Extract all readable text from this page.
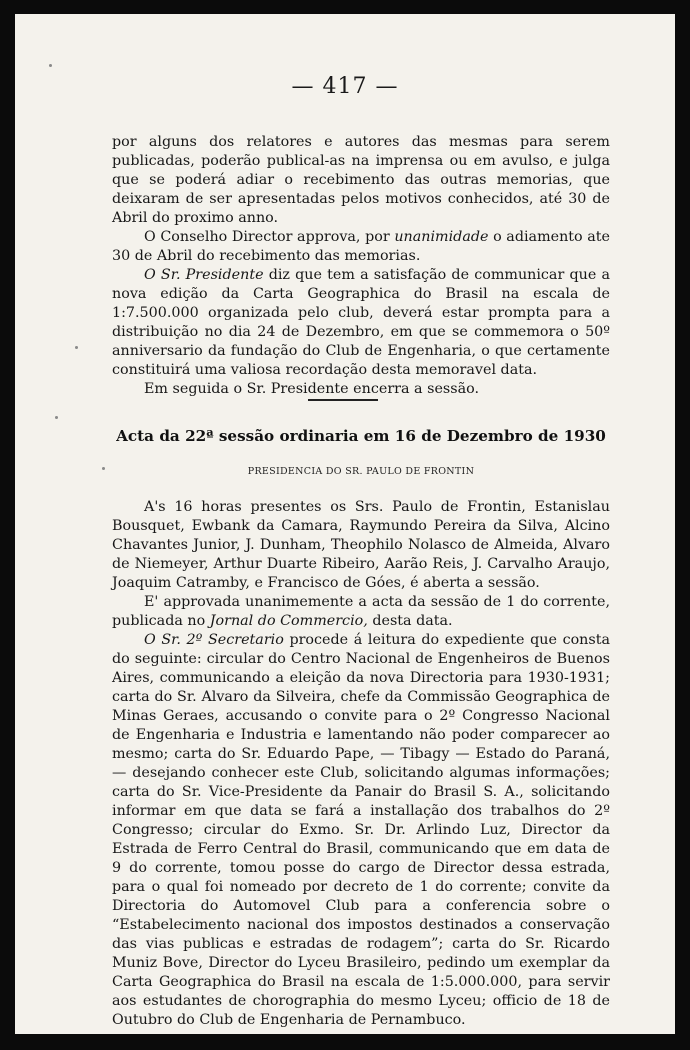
— 417 —

por alguns dos relatores e autores das mesmas para serem publicadas, poderão publical-as na imprensa ou em avulso, e julga que se poderá adiar o recebimento das outras memorias, que deixaram de ser apresentadas pelos motivos conhecidos, até 30 de Abril do proximo anno.

O Conselho Director approva, por unanimidade o adiamento ate 30 de Abril do recebimento das memorias.

O Sr. Presidente diz que tem a satisfação de communicar que a nova edição da Carta Geographica do Brasil na escala de 1:7.500.000 organizada pelo club, deverá estar prompta para a distribuição no dia 24 de Dezembro, em que se commemora o 50º anniversario da fundação do Club de Engenharia, o que certamente constituirá uma valiosa recordação desta memoravel data.

Em seguida o Sr. Presidente encerra a sessão.

Acta da 22ª sessão ordinaria em 16 de Dezembro de 1930
PRESIDENCIA DO SR. PAULO DE FRONTIN

A's 16 horas presentes os Srs. Paulo de Frontin, Estanislau Bousquet, Ewbank da Camara, Raymundo Pereira da Silva, Alcino Chavantes Junior, J. Dunham, Theophilo Nolasco de Almeida, Alvaro de Niemeyer, Arthur Duarte Ribeiro, Aarão Reis, J. Carvalho Araujo, Joaquim Catramby, e Francisco de Góes, é aberta a sessão.

E' approvada unanimemente a acta da sessão de 1 do corrente, publicada no Jornal do Commercio, desta data.

O Sr. 2º Secretario procede á leitura do expediente que consta do seguinte: circular do Centro Nacional de Engenheiros de Buenos Aires, communicando a eleição da nova Directoria para 1930-1931; carta do Sr. Alvaro da Silveira, chefe da Commissão Geographica de Minas Geraes, accusando o convite para o 2º Congresso Nacional de Engenharia e Industria e lamentando não poder comparecer ao mesmo; carta do Sr. Eduardo Pape, — Tibagy — Estado do Paraná, — desejando conhecer este Club, solicitando algumas informações; carta do Sr. Vice-Presidente da Panair do Brasil S. A., solicitando informar em que data se fará a installação dos trabalhos do 2º Congresso; circular do Exmo. Sr. Dr. Arlindo Luz, Director da Estrada de Ferro Central do Brasil, communicando que em data de 9 do corrente, tomou posse do cargo de Director dessa estrada, para o qual foi nomeado por decreto de 1 do corrente; convite da Directoria do Automovel Club para a conferencia sobre o “Estabelecimento nacional dos impostos destinados a conservação das vias publicas e estradas de rodagem”; carta do Sr. Ricardo Muniz Bove, Director do Lyceu Brasileiro, pedindo um exemplar da Carta Geographica do Brasil na escala de 1:5.000.000, para servir aos estudantes de chorographia do mesmo Lyceu; officio de 18 de Outubro do Club de Engenharia de Pernambuco.
